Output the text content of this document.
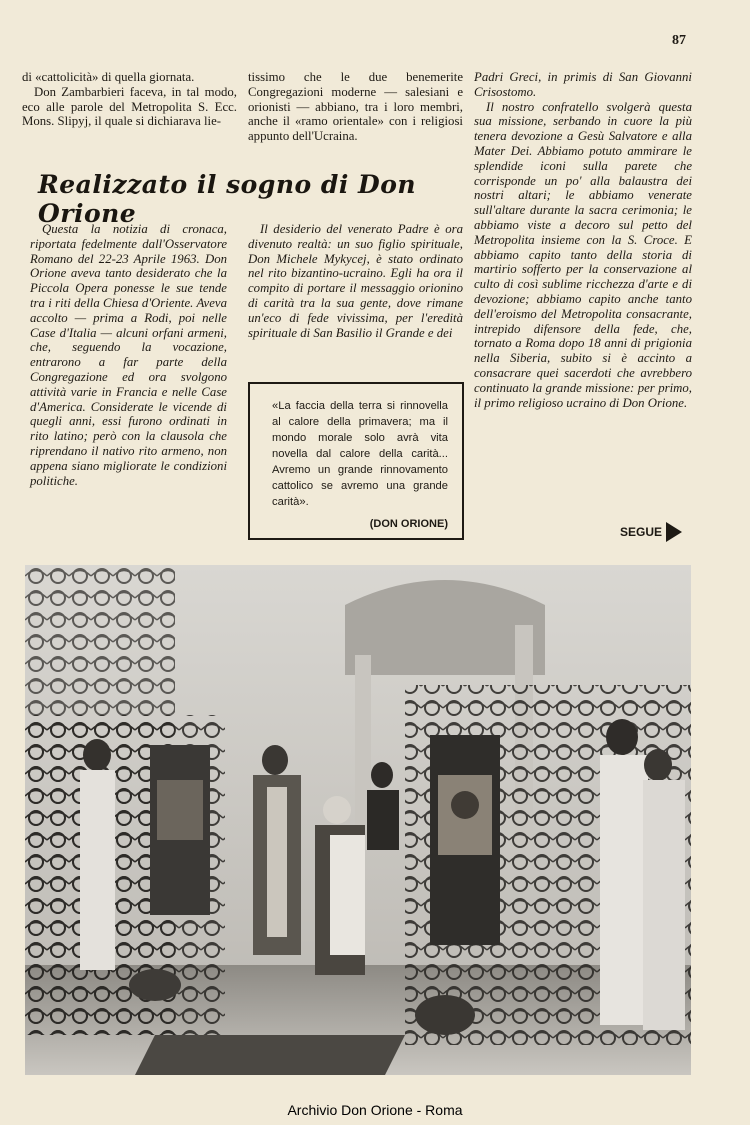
87

di «cattolicità» di quella giornata.

Don Zambarbieri faceva, in tal modo, eco alle parole del Metropolita S. Ecc. Mons. Slipyj, il quale si dichiarava lie-

tissimo che le due benemerite Congregazioni moderne — salesiani e orionisti — abbiano, tra i loro membri, anche il «ramo orientale» con i religiosi appunto dell'Ucraina.

Realizzato il sogno di Don Orione

Questa la notizia di cronaca, riportata fedelmente dall'Osservatore Romano del 22-23 Aprile 1963. Don Orione aveva tanto desiderato che la Piccola Opera ponesse le sue tende tra i riti della Chiesa d'Oriente. Aveva accolto — prima a Rodi, poi nelle Case d'Italia — alcuni orfani armeni, che, seguendo la vocazione, entrarono a far parte della Congregazione ed ora svolgono attività varie in Francia e nelle Case d'America. Considerate le vicende di quegli anni, essi furono ordinati in rito latino; però con la clausola che riprendano il nativo rito armeno, non appena siano migliorate le condizioni politiche.

Il desiderio del venerato Padre è ora divenuto realtà: un suo figlio spirituale, Don Michele Mykycej, è stato ordinato nel rito bizantino-ucraino. Egli ha ora il compito di portare il messaggio orionino di carità tra la sua gente, dove rimane un'eco di fede vivissima, per l'eredità spirituale di San Basilio il Grande e dei

«La faccia della terra si rinnovella al calore della primavera; ma il mondo morale solo avrà vita novella dal calore della carità... Avremo un grande rinnovamento cattolico se avremo una grande carità».
(DON ORIONE)

Padri Greci, in primis di San Giovanni Crisostomo.

Il nostro confratello svolgerà questa sua missione, serbando in cuore la più tenera devozione a Gesù Salvatore e alla Mater Dei. Abbiamo potuto ammirare le splendide iconi sulla parete che corrisponde un po' alla balaustra dei nostri altari; le abbiamo venerate sull'altare durante la sacra cerimonia; le abbiamo viste a decoro sul petto del Metropolita insieme con la S. Croce. E abbiamo capito tanto della storia di martirio sofferto per la conservazione al culto di così sublime ricchezza d'arte e di devozione; abbiamo capito anche tanto dell'eroismo del Metropolita consacrante, intrepido difensore della fede, che, tornato a Roma dopo 18 anni di prigionia nella Siberia, subito si è accinto a consacrare quei sacerdoti che avrebbero continuato la grande missione: per primo, il primo religioso ucraino di Don Orione.

SEGUE
Archivio Don Orione - Roma
